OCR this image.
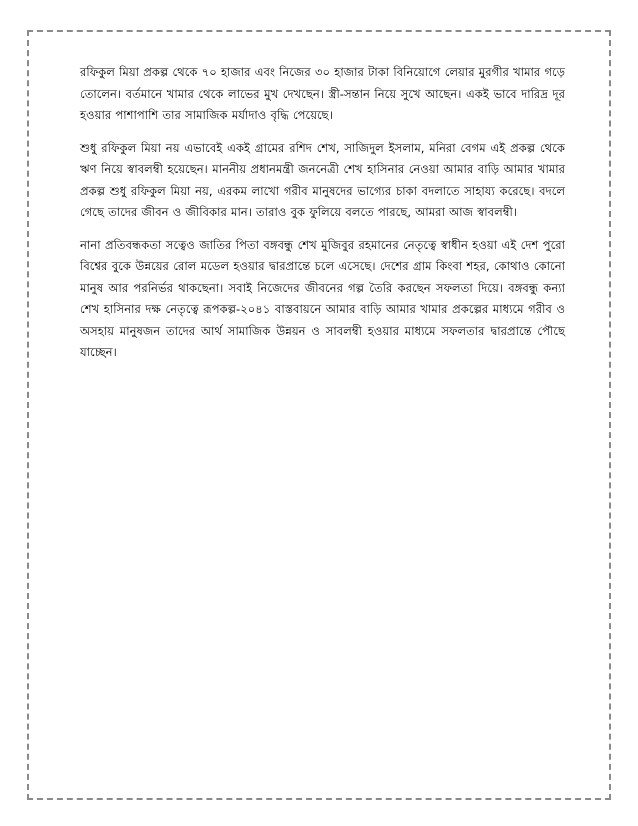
রফিকুল মিয়া প্রকল্প থেকে ৭০ হাজার এবং নিজের ৩০ হাজার টাকা বিনিয়োগে লেয়ার মুরগীর খামার গড়ে তোলেন। বর্তমানে খামার থেকে লাভের মুখ দেখছেন। স্ত্রী-সন্তান নিয়ে সুখে আছেন। একই ভাবে দারিদ্র দূর হওয়ার পাশাপাশি তার সামাজিক মর্যাদাও বৃদ্ধি পেয়েছে।

শুধু রফিকুল মিয়া নয় এভাবেই একই গ্রামের রশিদ শেখ, সাজিদুল ইসলাম, মনিরা বেগম এই প্রকল্প থেকে ঋণ নিয়ে স্বাবলম্বী হয়েছেন। মাননীয় প্রধানমন্ত্রী জননেত্রী শেখ হাসিনার নেওয়া আমার বাড়ি আমার খামার প্রকল্প শুধু রফিকুল মিয়া নয়, এরকম লাখো গরীব মানুষদের ভাগ্যের চাকা বদলাতে সাহায্য করেছে। বদলে গেছে তাদের জীবন ও জীবিকার মান। তারাও বুক ফুলিয়ে বলতে পারছে, আমরা আজ স্বাবলম্বী।

নানা প্রতিবন্ধকতা সত্বেও জাতির পিতা বঙ্গবন্ধু শেখ মুজিবুর রহমানের নেতৃত্বে স্বাধীন হওয়া এই দেশ পুরো বিশ্বের বুকে উন্নয়ের রোল মডেল হওয়ার দ্বারপ্রান্তে চলে এসেছে। দেশের গ্রাম কিংবা শহর, কোথাও কোনো মানুষ আর পরনির্ভর থাকছেনা। সবাই নিজেদের জীবনের গল্প তৈরি করছেন সফলতা দিয়ে। বঙ্গবন্ধু কন্যা শেখ হাসিনার দক্ষ নেতৃত্বে রূপকল্প-২০৪১ বাস্তবায়নে আমার বাড়ি আমার খামার প্রকল্পের মাধ্যমে গরীব ও অসহায় মানুষজন তাদের আর্থ সামাজিক উন্নয়ন ও সাবলম্বী হওয়ার মাধ্যমে সফলতার দ্বারপ্রান্তে পৌছে যাচ্ছেন।
